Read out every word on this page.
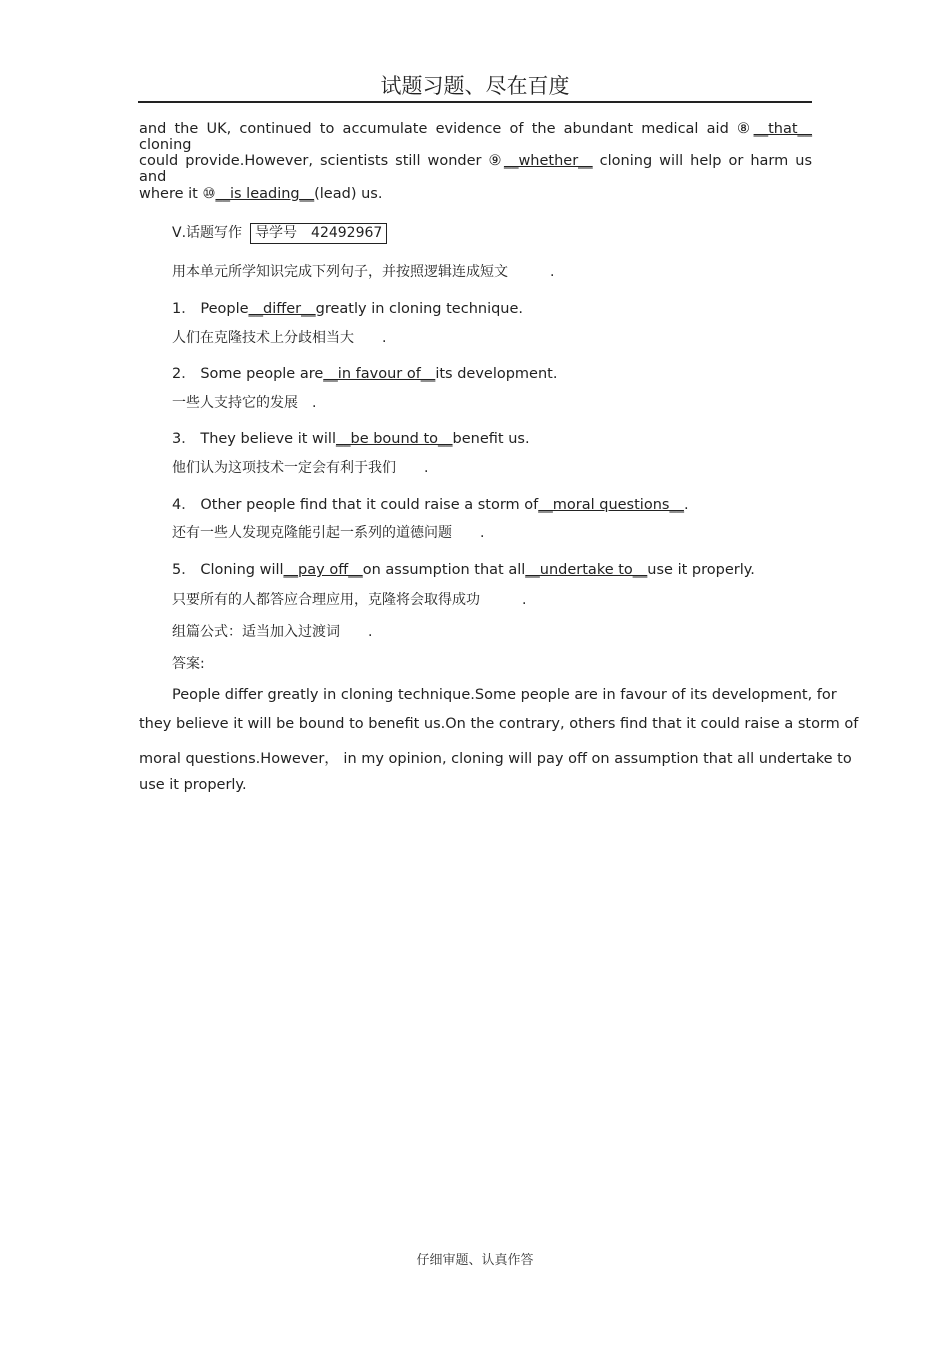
试题习题、尽在百度
and the UK, continued to accumulate evidence of the abundant medical aid ⑧__that__ cloning
could provide.However, scientists still wonder ⑨__whether__ cloning will help or harm us and
where it ⑩__is leading__(lead) us.
Ⅴ.话题写作 导学号　42492967
用本单元所学知识完成下列句子，并按照逻辑连成短文　　　.
1． People__differ__greatly in cloning technique.
人们在克隆技术上分歧相当大　　.
2． Some people are__in favour of__its development.
一些人支持它的发展　.
3． They believe it will__be bound to__benefit us.
他们认为这项技术一定会有利于我们　　.
4． Other people find that it could raise a storm of__moral questions__.
还有一些人发现克隆能引起一系列的道德问题　　.
5． Cloning will__pay off__on assumption that all__undertake to__use it properly.
只要所有的人都答应合理应用，克隆将会取得成功　　　.
组篇公式：适当加入过渡词　　.
答案:
People differ greatly in cloning technique.Some people are in favour of its development, for
they believe it will be bound to benefit us.On the contrary, others find that it could raise a storm of
moral questions.However， in my opinion, cloning will pay off on assumption that all undertake to
use it properly.
仔细审题、认真作答
